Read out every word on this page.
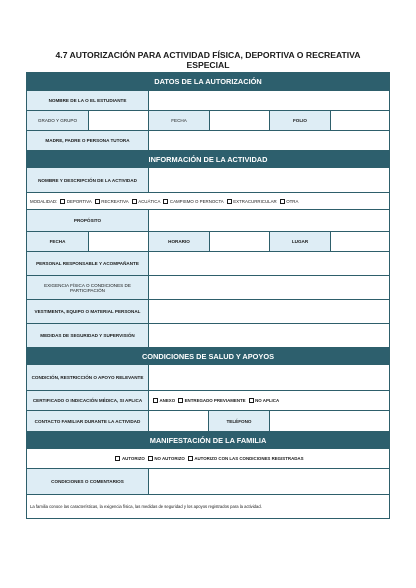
4.7 AUTORIZACIÓN PARA ACTIVIDAD FÍSICA, DEPORTIVA O RECREATIVA ESPECIAL
DATOS DE LA AUTORIZACIÓN
NOMBRE DE LA O EL ESTUDIANTE
GRADO Y GRUPO	FECHA	FOLIO
MADRE, PADRE O PERSONA TUTORA
INFORMACIÓN DE LA ACTIVIDAD
NOMBRE Y DESCRIPCIÓN DE LA ACTIVIDAD
MODALIDAD: DEPORTIVA RECREATIVA ACUÁTICA CAMPISMO O PERNOCTA EXTRACURRICULAR OTRA
PROPÓSITO
FECHA	HORARIO	LUGAR
PERSONAL RESPONSABLE Y ACOMPAÑANTE
EXIGENCIA FÍSICA O CONDICIONES DE PARTICIPACIÓN
VESTIMENTA, EQUIPO O MATERIAL PERSONAL
MEDIDAS DE SEGURIDAD Y SUPERVISIÓN
CONDICIONES DE SALUD Y APOYOS
CONDICIÓN, RESTRICCIÓN O APOYO RELEVANTE
CERTIFICADO O INDICACIÓN MÉDICA, SI APLICA	ANEXO ENTREGADO PREVIAMENTE NO APLICA
CONTACTO FAMILIAR DURANTE LA ACTIVIDAD	TELÉFONO
MANIFESTACIÓN DE LA FAMILIA
AUTORIZO NO AUTORIZO AUTORIZO CON LAS CONDICIONES REGISTRADAS
CONDICIONES O COMENTARIOS
La familia conoce las características, la exigencia física, las medidas de seguridad y los apoyos registrados para la actividad.
